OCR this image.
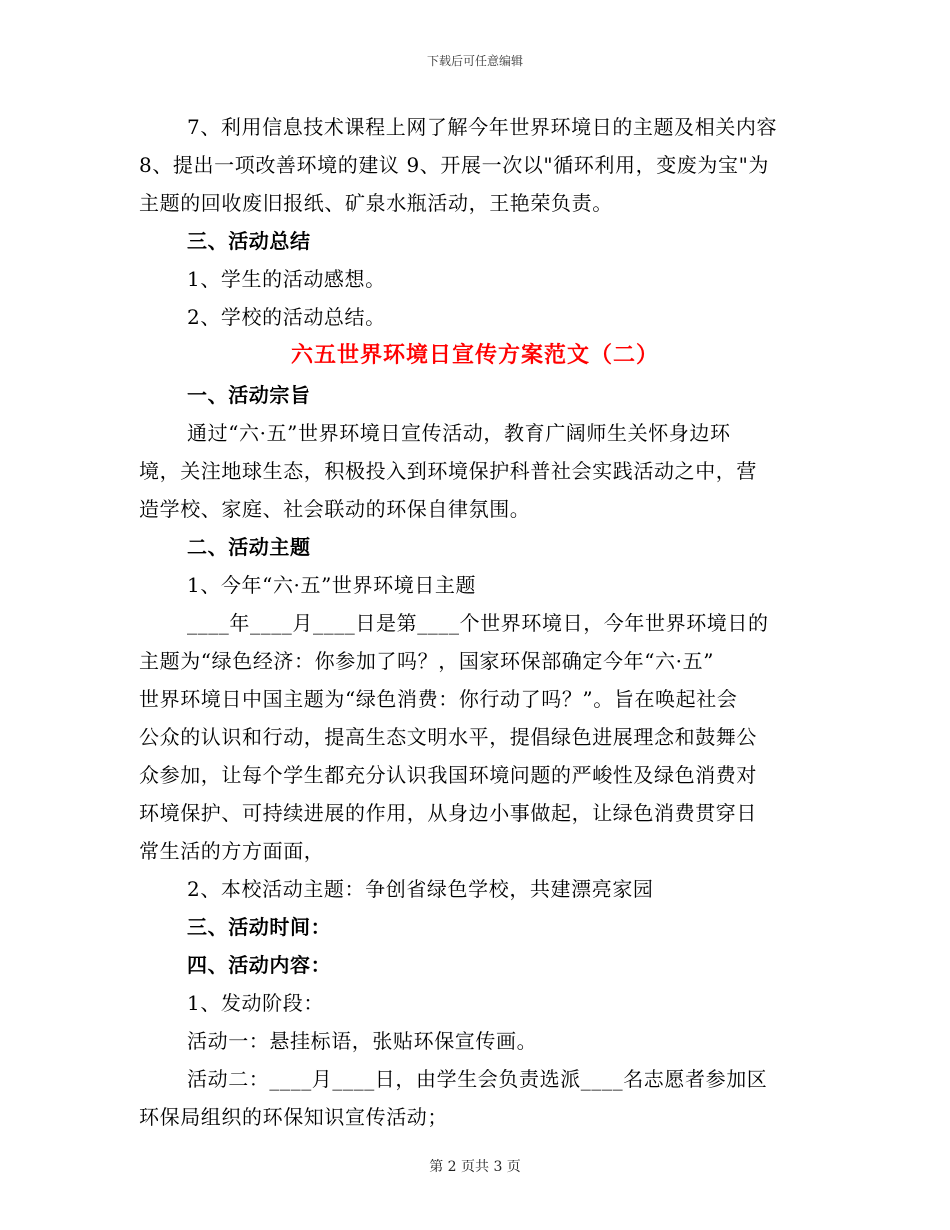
下载后可任意编辑
7、利用信息技术课程上网了解今年世界环境日的主题及相关内容
8、提出一项改善环境的建议 9、开展一次以"循环利用，变废为宝"为
主题的回收废旧报纸、矿泉水瓶活动，王艳荣负责。
三、活动总结
1、学生的活动感想。
2、学校的活动总结。
六五世界环境日宣传方案范文（二）
一、活动宗旨
通过“六·五”世界环境日宣传活动，教育广阔师生关怀身边环
境，关注地球生态，积极投入到环境保护科普社会实践活动之中，营
造学校、家庭、社会联动的环保自律氛围。
二、活动主题
1、今年“六·五”世界环境日主题
____年____月____日是第____个世界环境日，今年世界环境日的
主题为“绿色经济：你参加了吗？，国家环保部确定今年“六·五”
世界环境日中国主题为“绿色消费：你行动了吗？”。旨在唤起社会
公众的认识和行动，提高生态文明水平，提倡绿色进展理念和鼓舞公
众参加，让每个学生都充分认识我国环境问题的严峻性及绿色消费对
环境保护、可持续进展的作用，从身边小事做起，让绿色消费贯穿日
常生活的方方面面，
2、本校活动主题：争创省绿色学校，共建漂亮家园
三、活动时间：
四、活动内容：
1、发动阶段：
活动一：悬挂标语，张贴环保宣传画。
活动二：____月____日，由学生会负责选派____名志愿者参加区
环保局组织的环保知识宣传活动；
第 2 页共 3 页
